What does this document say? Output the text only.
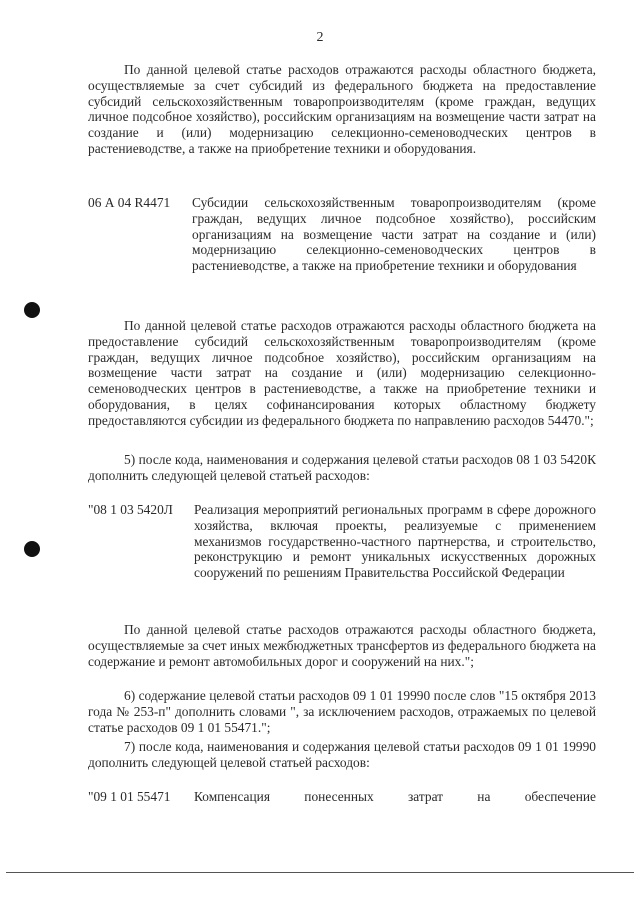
2

По данной целевой статье расходов отражаются расходы областного бюджета, осуществляемые за счет субсидий из федерального бюджета на предоставление субсидий сельскохозяйственным товаропроизводителям (кроме граждан, ведущих личное подсобное хозяйство), российским организациям на возмещение части затрат на создание и (или) модернизацию селекционно-семеноводческих центров в растениеводстве, а также на приобретение техники и оборудования.

06 А 04 R4471 Субсидии сельскохозяйственным товаропроизводителям (кроме граждан, ведущих личное подсобное хозяйство), российским организациям на возмещение части затрат на создание и (или) модернизацию селекционно-семеноводческих центров в растениеводстве, а также на приобретение техники и оборудования

По данной целевой статье расходов отражаются расходы областного бюджета на предоставление субсидий сельскохозяйственным товаропроизводителям (кроме граждан, ведущих личное подсобное хозяйство), российским организациям на возмещение части затрат на создание и (или) модернизацию селекционно-семеноводческих центров в растениеводстве, а также на приобретение техники и оборудования, в целях софинансирования которых областному бюджету предоставляются субсидии из федерального бюджета по направлению расходов 54470.";

5) после кода, наименования и содержания целевой статьи расходов 08 1 03 5420К дополнить следующей целевой статьей расходов:

"08 1 03 5420Л Реализация мероприятий региональных программ в сфере дорожного хозяйства, включая проекты, реализуемые с применением механизмов государственно-частного партнерства, и строительство, реконструкцию и ремонт уникальных искусственных дорожных сооружений по решениям Правительства Российской Федерации

По данной целевой статье расходов отражаются расходы областного бюджета, осуществляемые за счет иных межбюджетных трансфертов из федерального бюджета на содержание и ремонт автомобильных дорог и сооружений на них.";

6) содержание целевой статьи расходов 09 1 01 19990 после слов "15 октября 2013 года № 253-п" дополнить словами ", за исключением расходов, отражаемых по целевой статье расходов 09 1 01 55471.";

7) после кода, наименования и содержания целевой статьи расходов 09 1 01 19990 дополнить следующей целевой статьей расходов:

"09 1 01 55471 Компенсация понесенных затрат на обеспечение
